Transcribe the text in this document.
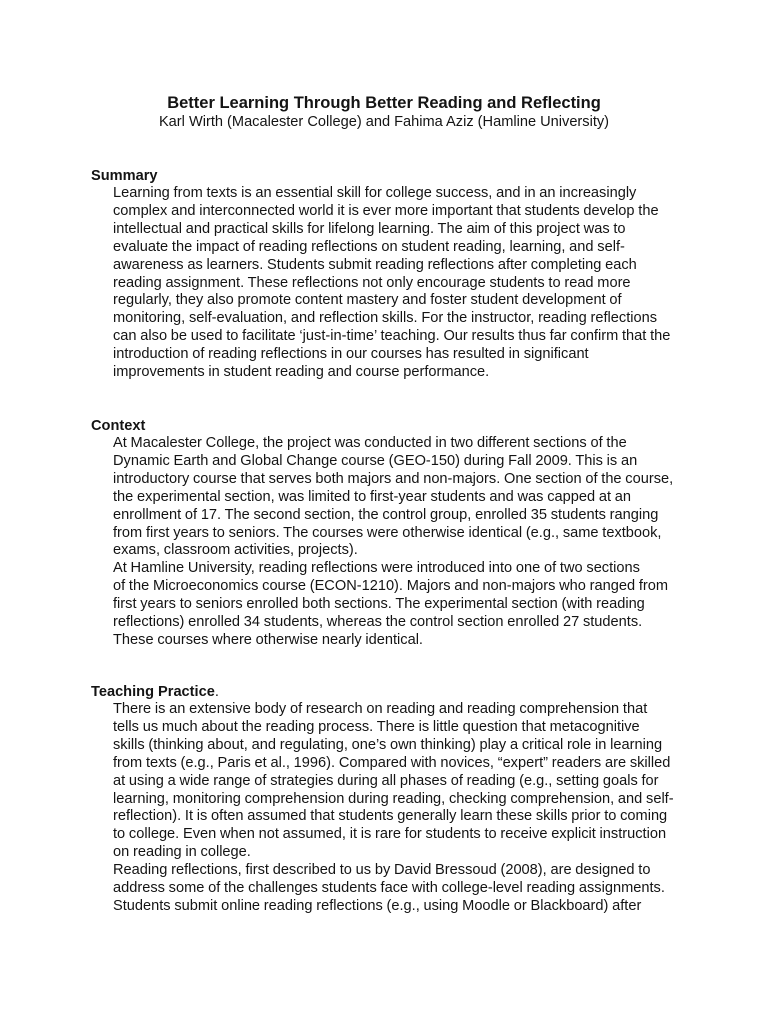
Better Learning Through Better Reading and Reflecting

Karl Wirth (Macalester College) and Fahima Aziz (Hamline University)

Summary

Learning from texts is an essential skill for college success, and in an increasingly
complex and interconnected world it is ever more important that students develop the
intellectual and practical skills for lifelong learning. The aim of this project was to
evaluate the impact of reading reflections on student reading, learning, and self-
awareness as learners. Students submit reading reflections after completing each
reading assignment. These reflections not only encourage students to read more
regularly, they also promote content mastery and foster student development of
monitoring, self-evaluation, and reflection skills. For the instructor, reading reflections
can also be used to facilitate ‘just-in-time’ teaching. Our results thus far confirm that the
introduction of reading reflections in our courses has resulted in significant
improvements in student reading and course performance.

Context

At Macalester College, the project was conducted in two different sections of the
Dynamic Earth and Global Change course (GEO-150) during Fall 2009. This is an
introductory course that serves both majors and non-majors. One section of the course,
the experimental section, was limited to first-year students and was capped at an
enrollment of 17. The second section, the control group, enrolled 35 students ranging
from first years to seniors. The courses were otherwise identical (e.g., same textbook,
exams, classroom activities, projects).

At Hamline University, reading reflections were introduced into one of two sections
of the Microeconomics course (ECON-1210). Majors and non-majors who ranged from
first years to seniors enrolled both sections. The experimental section (with reading
reflections) enrolled 34 students, whereas the control section enrolled 27 students.
These courses where otherwise nearly identical.

Teaching Practice.

There is an extensive body of research on reading and reading comprehension that
tells us much about the reading process. There is little question that metacognitive
skills (thinking about, and regulating, one’s own thinking) play a critical role in learning
from texts (e.g., Paris et al., 1996). Compared with novices, “expert” readers are skilled
at using a wide range of strategies during all phases of reading (e.g., setting goals for
learning, monitoring comprehension during reading, checking comprehension, and self-
reflection). It is often assumed that students generally learn these skills prior to coming
to college. Even when not assumed, it is rare for students to receive explicit instruction
on reading in college.

Reading reflections, first described to us by David Bressoud (2008), are designed to
address some of the challenges students face with college-level reading assignments.
Students submit online reading reflections (e.g., using Moodle or Blackboard) after
